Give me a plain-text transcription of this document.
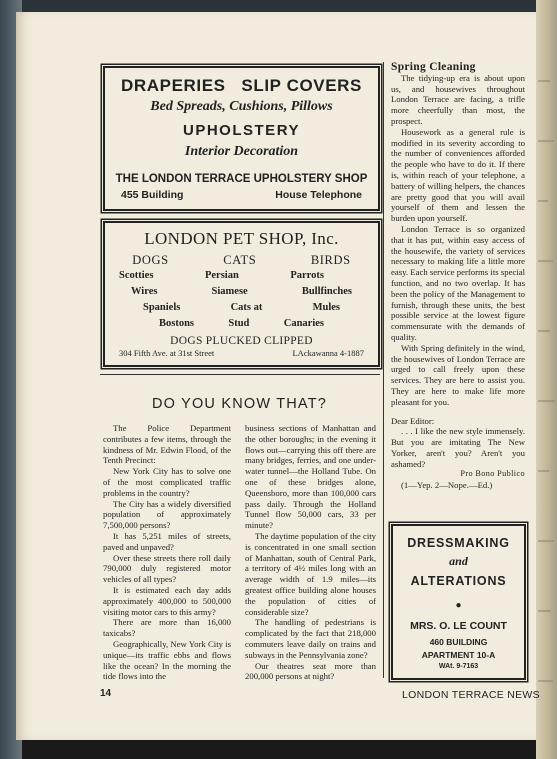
DRAPERIES SLIP COVERS
Bed Spreads, Cushions, Pillows
UPHOLSTERY
Interior Decoration
THE LONDON TERRACE UPHOLSTERY SHOP
455 Building	House Telephone
LONDON PET SHOP, Inc.
DOGS	CATS	BIRDS
Scotties	Persian	Parrots
Wires	Siamese	Bullfinches
Spaniels	Cats at	Mules
Bostons	Stud	Canaries
DOGS PLUCKED CLIPPED
304 Fifth Ave. at 31st Street	LAckawanna 4-1887
DO YOU KNOW THAT?

The Police Department contributes a few items, through the kindness of Mr. Edwin Flood, of the Tenth Precinct:

New York City has to solve one of the most complicated traffic problems in the country?

The City has a widely diversified population of approximately 7,500,000 persons?

It has 5,251 miles of streets, paved and unpaved?

Over these streets there roll daily 790,000 duly registered motor vehicles of all types?

It is estimated each day adds approximately 400,000 to 500,000 visiting motor cars to this army?

There are more than 16,000 taxicabs?

Geographically, New York City is unique—its traffic ebbs and flows like the ocean? In the morning the tide flows into the

business sections of Manhattan and the other boroughs; in the evening it flows out—carrying this off there are many bridges, ferries, and one under-water tunnel—the Holland Tube. On one of these bridges alone, Queensboro, more than 100,000 cars pass daily. Through the Holland Tunnel flow 50,000 cars, 33 per minute?

The daytime population of the city is concentrated in one small section of Manhattan, south of Central Park, a territory of 4½ miles long with an average width of 1.9 miles—its greatest office building alone houses the population of cities of considerable size?

The handling of pedestrians is complicated by the fact that 218,000 commuters leave daily on trains and subways in the Pennsylvania zone?

Our theatres seat more than 200,000 persons at night?

Spring Cleaning

The tidying-up era is about upon us, and housewives throughout London Terrace are facing, a trifle more cheerfully than most, the prospect.

Housework as a general rule is modified in its severity according to the number of conveniences afforded the people who have to do it. If there is, within reach of your telephone, a battery of willing helpers, the chances are pretty good that you will avail yourself of them and lessen the burden upon yourself.

London Terrace is so organized that it has put, within easy access of the housewife, the variety of services necessary to making life a little more easy. Each service performs its special function, and no two overlap. It has been the policy of the Management to furnish, through these units, the best possible service at the lowest figure commensurate with the demands of quality.

With Spring definitely in the wind, the housewives of London Terrace are urged to call freely upon these services. They are here to assist you. They are here to make life more pleasant for you.

Dear Editor:

. . . I like the new style immensely. But you are imitating The New Yorker, aren't you? Aren't you ashamed?

Pro Bono Publico

(1—Yep. 2—Nope.—Ed.)

DRESSMAKING
and
ALTERATIONS
●
MRS. O. LE COUNT
460 BUILDING
APARTMENT 10-A
WAt. 9-7163
14	LONDON TERRACE NEWS
